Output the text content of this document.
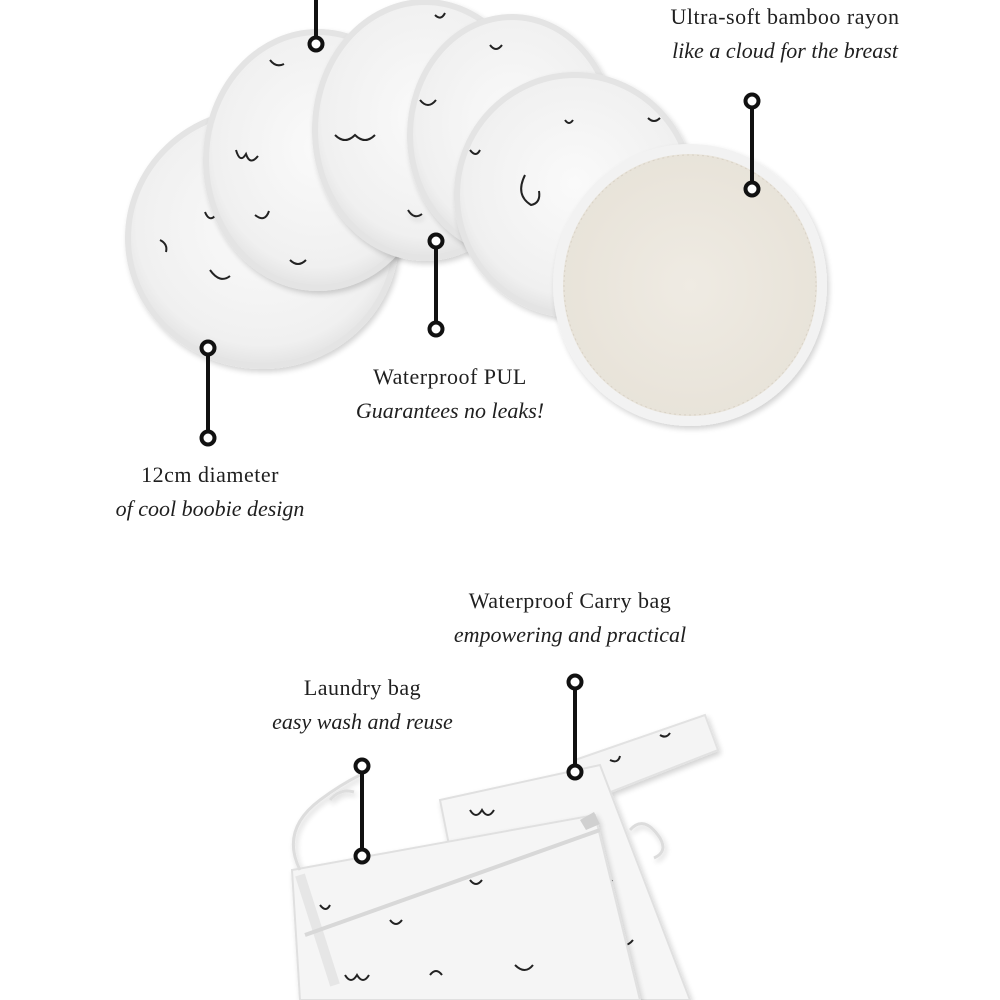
Ultra-soft bamboo rayon
like a cloud for the breast
Waterproof PUL
Guarantees no leaks!
12cm diameter
of cool boobie design
Waterproof Carry bag
empowering and practical
Laundry bag
easy wash and reuse
